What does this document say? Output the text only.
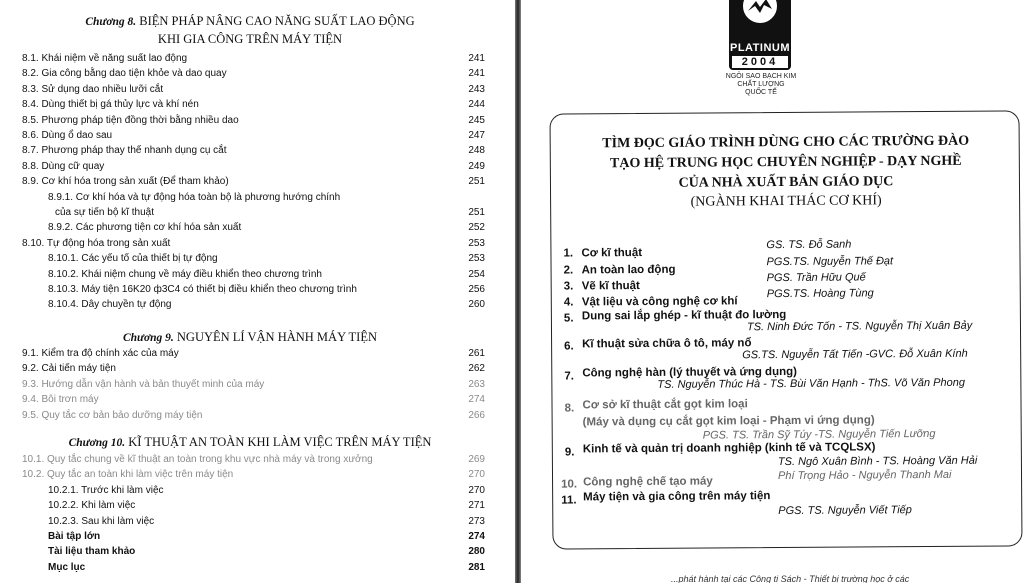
Chương 8. BIỆN PHÁP NÂNG CAO NĂNG SUẤT LAO ĐỘNG
KHI GIA CÔNG TRÊN MÁY TIỆN
8.1. Khái niệm về năng suất lao động	241
8.2. Gia công bằng dao tiện khỏe và dao quay	241
8.3. Sử dụng dao nhiều lưỡi cắt	243
8.4. Dùng thiết bị gá thủy lực và khí nén	244
8.5. Phương pháp tiện đồng thời bằng nhiều dao	245
8.6. Dùng ổ dao sau	247
8.7. Phương pháp thay thế nhanh dụng cụ cắt	248
8.8. Dùng cữ quay	249
8.9. Cơ khí hóa trong sản xuất (Để tham khảo)	251
8.9.1. Cơ khí hóa và tự động hóa toàn bộ là phương hướng chính
của sự tiến bộ kĩ thuật	251
8.9.2. Các phương tiện cơ khí hóa sản xuất	252
8.10. Tự động hóa trong sản xuất	253
8.10.1. Các yếu tố của thiết bị tự động	253
8.10.2. Khái niệm chung về máy điều khiển theo chương trình	254
8.10.3. Máy tiện 16K20 ф3C4 có thiết bị điều khiển theo chương trình	256
8.10.4. Dây chuyền tự động	260
Chương 9. NGUYÊN LÍ VẬN HÀNH MÁY TIỆN
9.1. Kiểm tra độ chính xác của máy	261
9.2. Cải tiến máy tiện	262
9.3. Hướng dẫn vận hành và bản thuyết minh của máy	263
9.4. Bôi trơn máy	274
9.5. Quy tắc cơ bản bảo dưỡng máy tiện	266
Chương 10. KĨ THUẬT AN TOÀN KHI LÀM VIỆC TRÊN MÁY TIỆN
10.1. Quy tắc chung về kĩ thuật an toàn trong khu vực nhà máy và trong xưởng	269
10.2. Quy tắc an toàn khi làm việc trên máy tiện	270
10.2.1. Trước khi làm việc	270
10.2.2. Khi làm việc	271
10.2.3. Sau khi làm việc	273
Bài tập lớn	274
Tài liệu tham khảo	280
Mục lục	281
PLATINUM
2004
NGÔI SAO BẠCH KIM
CHẤT LƯỢNG
QUỐC TẾ
TÌM ĐỌC GIÁO TRÌNH DÙNG CHO CÁC TRƯỜNG ĐÀO
TẠO HỆ TRUNG HỌC CHUYÊN NGHIỆP - DẠY NGHỀ
CỦA NHÀ XUẤT BẢN GIÁO DỤC
(NGÀNH KHAI THÁC CƠ KHÍ)
1. Cơ kĩ thuật
GS. TS. Đỗ Sanh
2. An toàn lao động
PGS.TS. Nguyễn Thế Đạt
3. Vẽ kĩ thuật
PGS. Trần Hữu Quế
4. Vật liệu và công nghệ cơ khí
PGS.TS. Hoàng Tùng
5. Dung sai lắp ghép - kĩ thuật đo lường
TS. Ninh Đức Tốn - TS. Nguyễn Thị Xuân Bảy
6. Kĩ thuật sửa chữa ô tô, máy nổ
GS.TS. Nguyễn Tất Tiến -GVC. Đỗ Xuân Kính
7. Công nghệ hàn (lý thuyết và ứng dụng)
TS. Nguyễn Thúc Hà - TS. Bùi Văn Hạnh - ThS. Võ Văn Phong
8. Cơ sở kĩ thuật cắt gọt kim loại
(Máy và dụng cụ cắt gọt kim loại - Phạm vi ứng dụng)
PGS. TS. Trần Sỹ Túy -TS. Nguyễn Tiến Lưỡng
9. Kinh tế và quản trị doanh nghiệp (kinh tế và TCQLSX)
TS. Ngô Xuân Bình - TS. Hoàng Văn Hải
10. Công nghệ chế tạo máy	Phí Trọng Hảo - Nguyễn Thanh Mai
11. Máy tiện và gia công trên máy tiện
PGS. TS. Nguyễn Viết Tiếp
...phát hành tại các Công ti Sách - Thiết bị trường học ở các
